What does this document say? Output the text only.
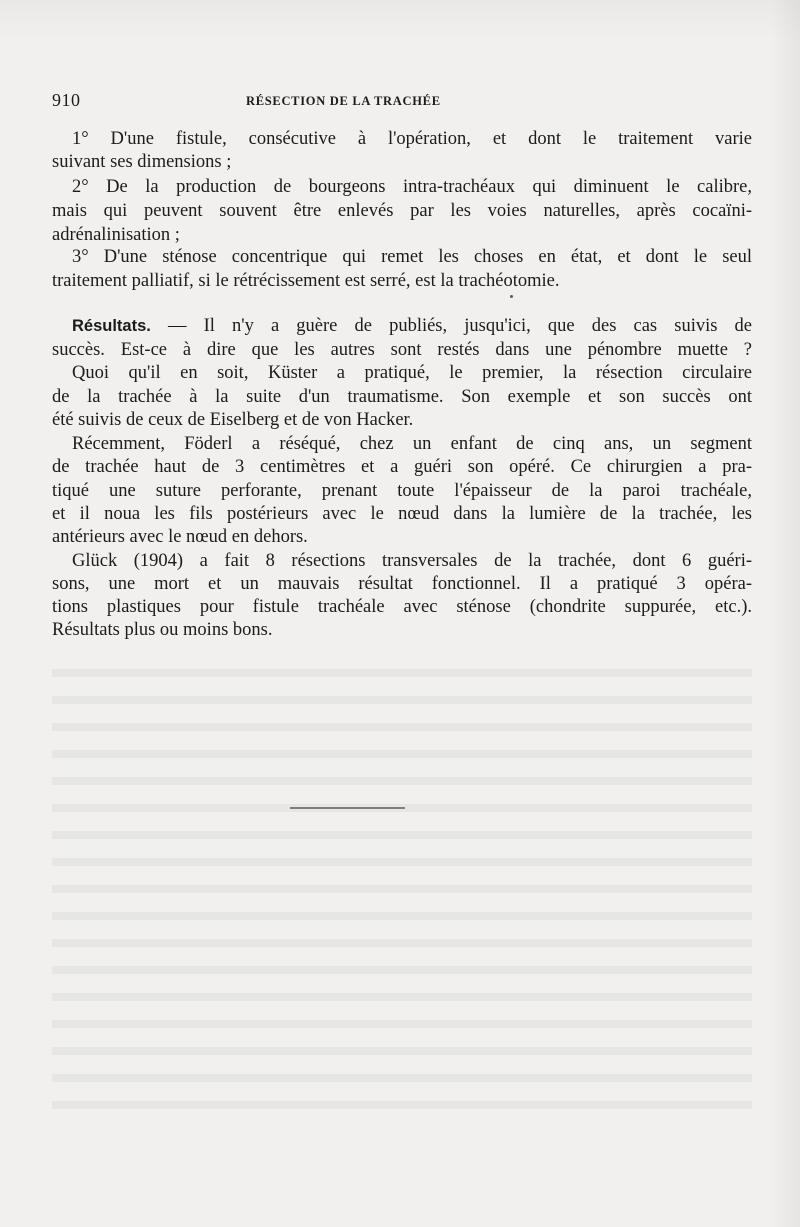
910	RÉSECTION DE LA TRACHÉE
1° D'une fistule, consécutive à l'opération, et dont le traitement varie
suivant ses dimensions ;
2° De la production de bourgeons intra-trachéaux qui diminuent le calibre,
mais qui peuvent souvent être enlevés par les voies naturelles, après cocaïni-
adrénalinisation ;
3° D'une sténose concentrique qui remet les choses en état, et dont le seul
traitement palliatif, si le rétrécissement est serré, est la trachéotomie.
Résultats. — Il n'y a guère de publiés, jusqu'ici, que des cas suivis de
succès. Est-ce à dire que les autres sont restés dans une pénombre muette ?
Quoi qu'il en soit, Küster a pratiqué, le premier, la résection circulaire
de la trachée à la suite d'un traumatisme. Son exemple et son succès ont
été suivis de ceux de Eiselberg et de von Hacker.
Récemment, Föderl a réséqué, chez un enfant de cinq ans, un segment
de trachée haut de 3 centimètres et a guéri son opéré. Ce chirurgien a pra-
tiqué une suture perforante, prenant toute l'épaisseur de la paroi trachéale,
et il noua les fils postérieurs avec le nœud dans la lumière de la trachée, les
antérieurs avec le nœud en dehors.
Glück (1904) a fait 8 résections transversales de la trachée, dont 6 guéri-
sons, une mort et un mauvais résultat fonctionnel. Il a pratiqué 3 opéra-
tions plastiques pour fistule trachéale avec sténose (chondrite suppurée, etc.).
Résultats plus ou moins bons.
